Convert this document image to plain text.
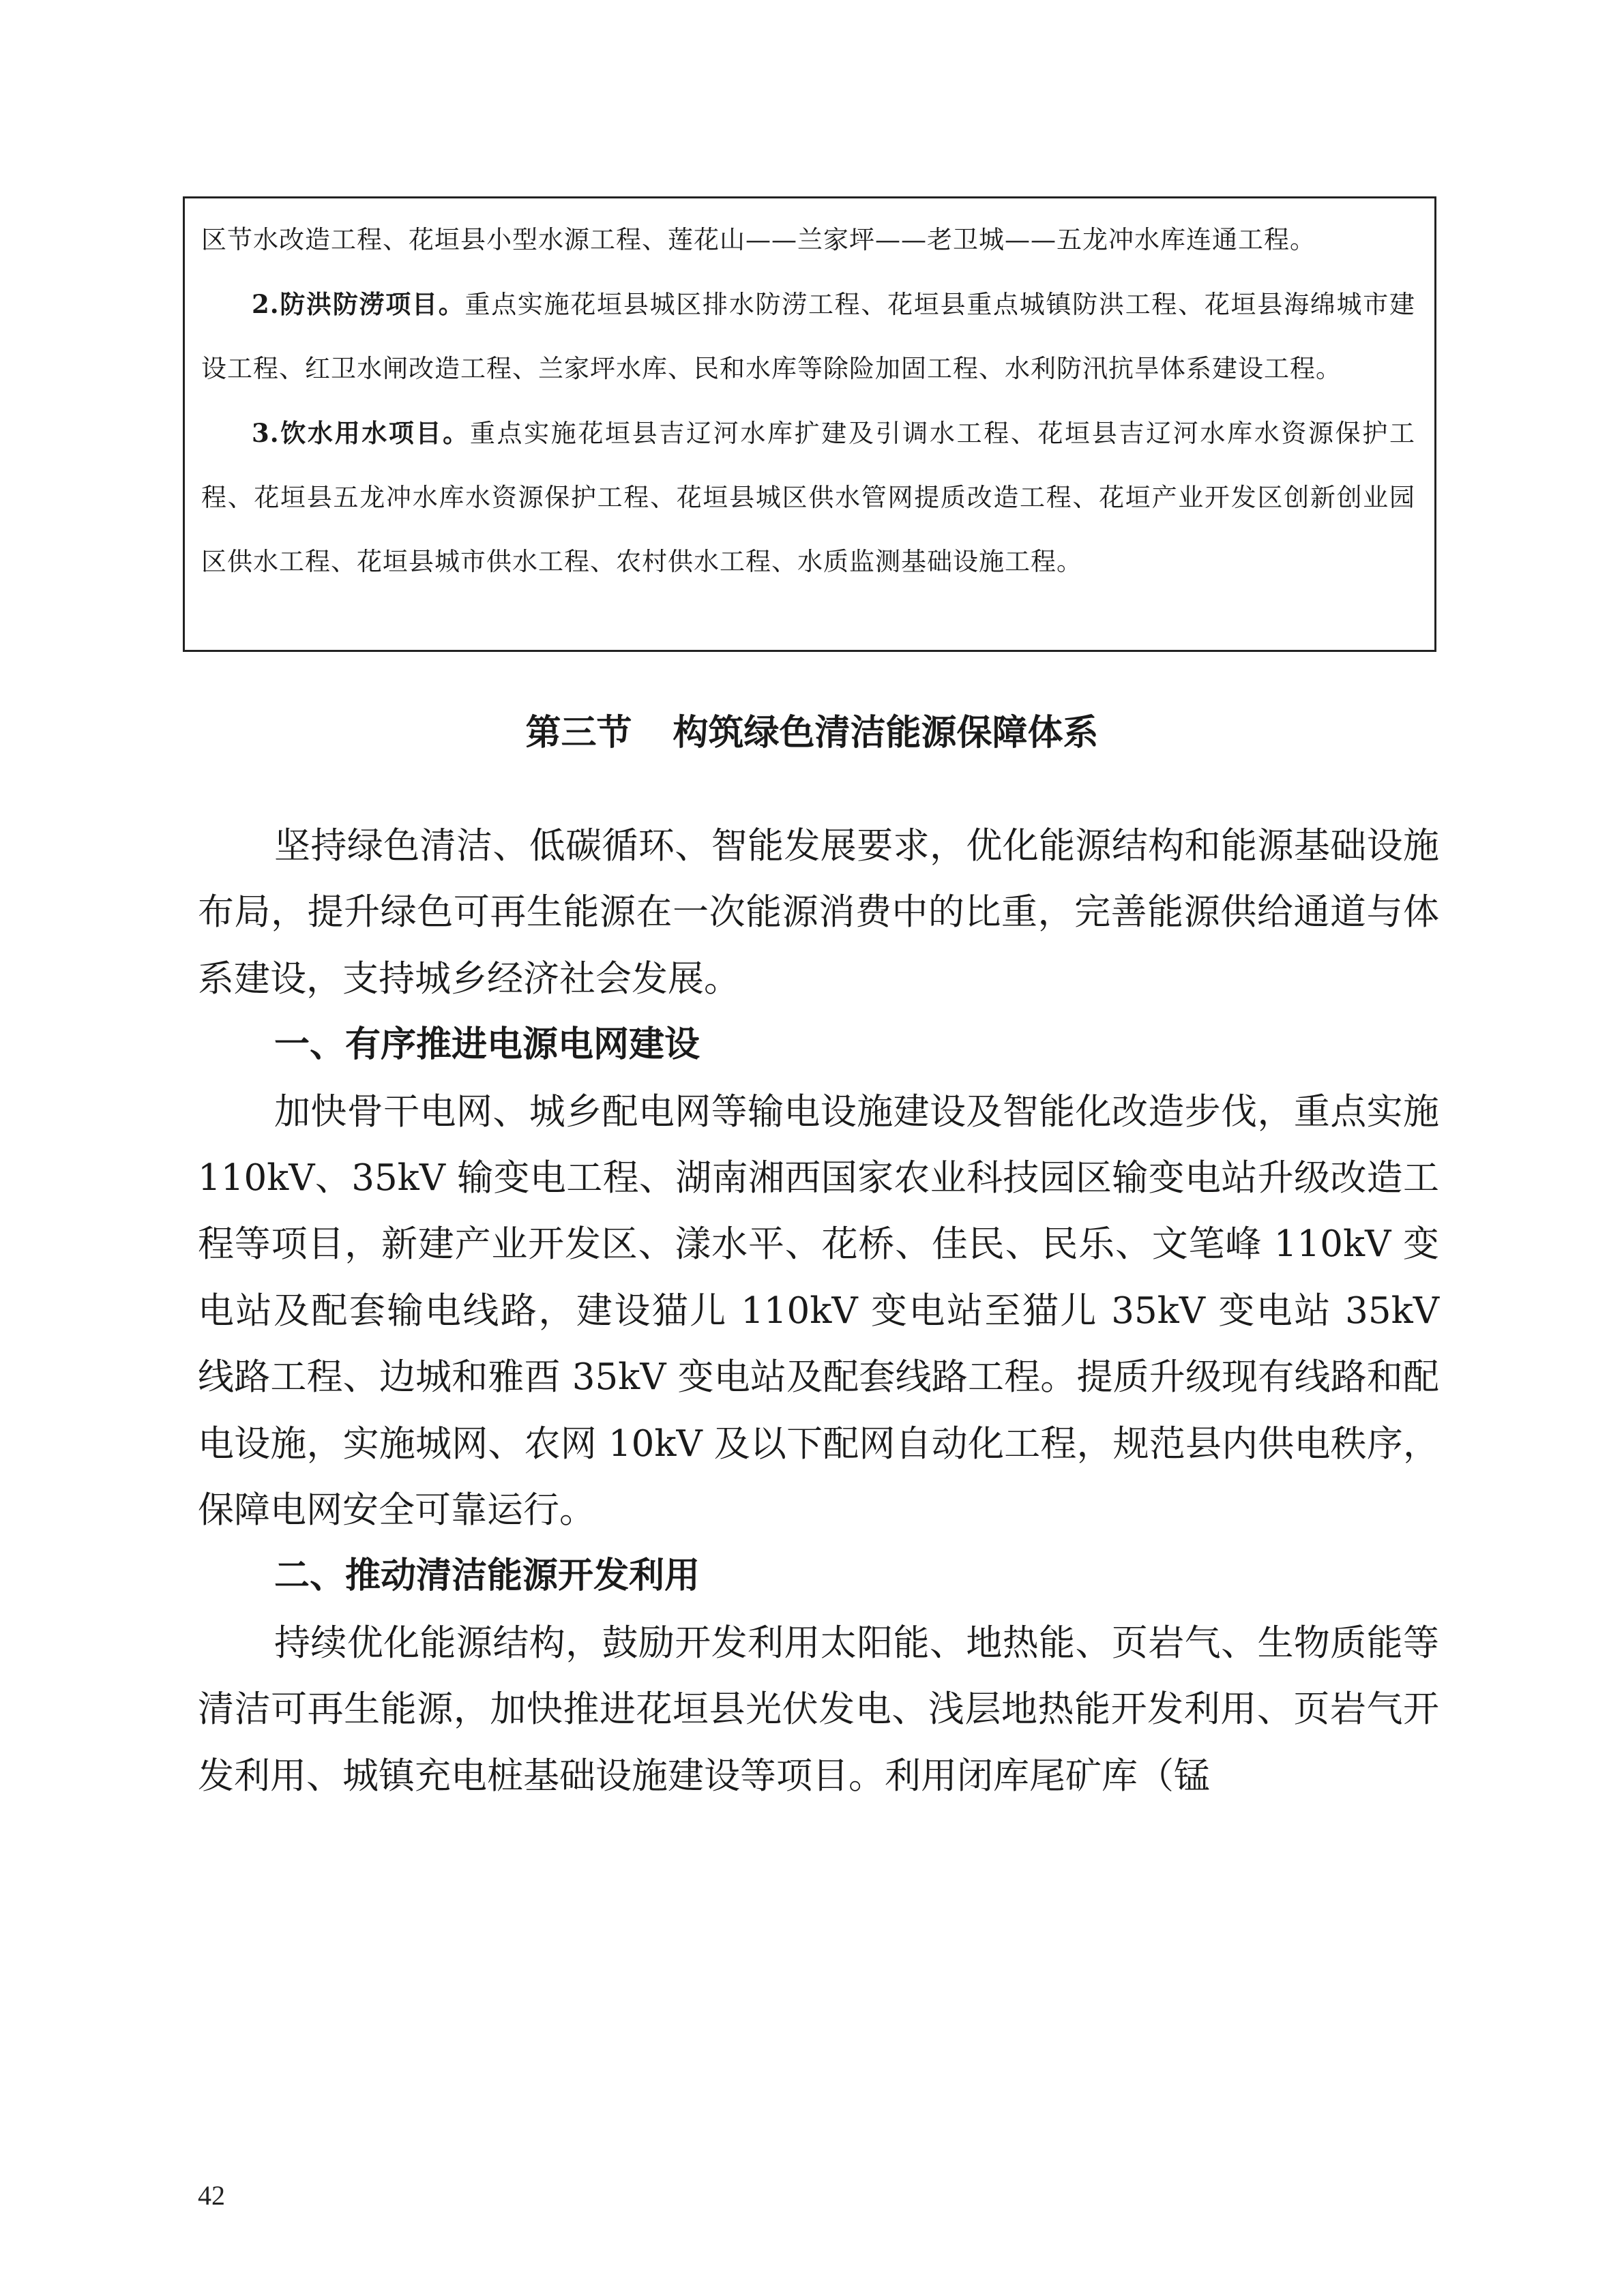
区节水改造工程、花垣县小型水源工程、莲花山——兰家坪——老卫城——五龙冲水库连通工程。

2.防洪防涝项目。重点实施花垣县城区排水防涝工程、花垣县重点城镇防洪工程、花垣县海绵城市建设工程、红卫水闸改造工程、兰家坪水库、民和水库等除险加固工程、水利防汛抗旱体系建设工程。

3.饮水用水项目。重点实施花垣县吉辽河水库扩建及引调水工程、花垣县吉辽河水库水资源保护工程、花垣县五龙冲水库水资源保护工程、花垣县城区供水管网提质改造工程、花垣产业开发区创新创业园区供水工程、花垣县城市供水工程、农村供水工程、水质监测基础设施工程。

第三节 构筑绿色清洁能源保障体系

坚持绿色清洁、低碳循环、智能发展要求，优化能源结构和能源基础设施布局，提升绿色可再生能源在一次能源消费中的比重，完善能源供给通道与体系建设，支持城乡经济社会发展。

一、有序推进电源电网建设

加快骨干电网、城乡配电网等输电设施建设及智能化改造步伐，重点实施 110kV、35kV 输变电工程、湖南湘西国家农业科技园区输变电站升级改造工程等项目，新建产业开发区、漾水平、花桥、佳民、民乐、文笔峰 110kV 变电站及配套输电线路，建设猫儿 110kV 变电站至猫儿 35kV 变电站 35kV 线路工程、边城和雅酉 35kV 变电站及配套线路工程。提质升级现有线路和配电设施，实施城网、农网 10kV 及以下配网自动化工程，规范县内供电秩序，保障电网安全可靠运行。

二、推动清洁能源开发利用

持续优化能源结构，鼓励开发利用太阳能、地热能、页岩气、生物质能等清洁可再生能源，加快推进花垣县光伏发电、浅层地热能开发利用、页岩气开发利用、城镇充电桩基础设施建设等项目。利用闭库尾矿库（锰

42
